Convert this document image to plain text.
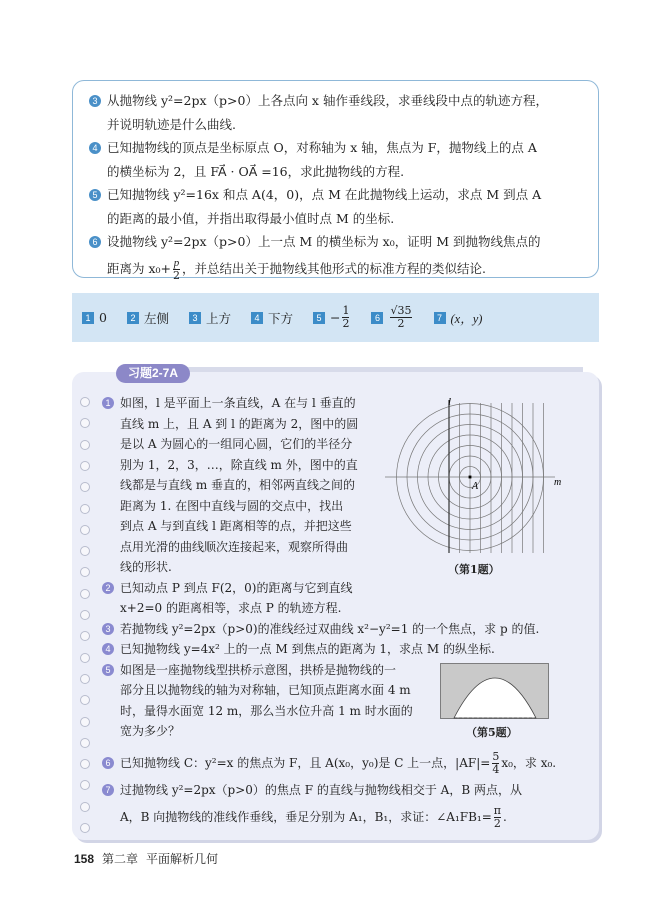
3 从抛物线 y²=2px（p>0）上各点向 x 轴作垂线段，求垂线段中点的轨迹方程，
并说明轨迹是什么曲线.
4 已知抛物线的顶点是坐标原点 O，对称轴为 x 轴，焦点为 F，抛物线上的点 A
的横坐标为 2，且 FA⃗ · OA⃗ =16，求此抛物线的方程.
5 已知抛物线 y²=16x 和点 A(4，0)，点 M 在此抛物线上运动，求点 M 到点 A
的距离的最小值，并指出取得最小值时点 M 的坐标.
6 设抛物线 y²=2px（p>0）上一点 M 的横坐标为 x₀，证明 M 到抛物线焦点的
距离为 $x_0+ \frac{p}{2}$ ，并总结出关于抛物线其他形式的标准方程的类似结论.
1 0	2 左侧	3 上方	4 下方	$5 - \frac{1}{2}$	$6 \frac{√35}{2}$	7 (x，y)
习题2-7A
1 如图，l 是平面上一条直线，A 在与 l 垂直的
直线 m 上，且 A 到 l 的距离为 2，图中的圆
是以 A 为圆心的一组同心圆，它们的半径分
别为 1，2，3，…，除直线 m 外，图中的直
线都是与直线 m 垂直的，相邻两直线之间的
距离为 1. 在图中直线与圆的交点中，找出
到点 A 与到直线 l 距离相等的点，并把这些
点用光滑的曲线顺次连接起来，观察所得曲
线的形状.
2 已知动点 P 到点 F(2，0)的距离与它到直线
x+2=0 的距离相等，求点 P 的轨迹方程.
3 若抛物线 y²=2px（p>0)的准线经过双曲线 x²−y²=1 的一个焦点，求 p 的值.
4 已知抛物线 y=4x² 上的一点 M 到焦点的距离为 1，求点 M 的纵坐标.
5 如图是一座抛物线型拱桥示意图，拱桥是抛物线的一
部分且以抛物线的轴为对称轴，已知顶点距离水面 4 m
时，量得水面宽 12 m，那么当水位升高 1 m 时水面的
宽为多少？
6 已知抛物线 C：y²=x 的焦点为 F，且 A(x₀，y₀)是 C 上一点，$|AF|= \frac{5}{4} x_0$，求 x₀.
7 过抛物线 y²=2px（p>0）的焦点 F 的直线与抛物线相交于 A，B 两点，从
A，B 向抛物线的准线作垂线，垂足分别为 A₁，B₁，求证：∠A₁FB₁= $\frac{\pi}{2}$ .
l
A	m
（第1题）
（第5题）
158 第二章 平面解析几何
